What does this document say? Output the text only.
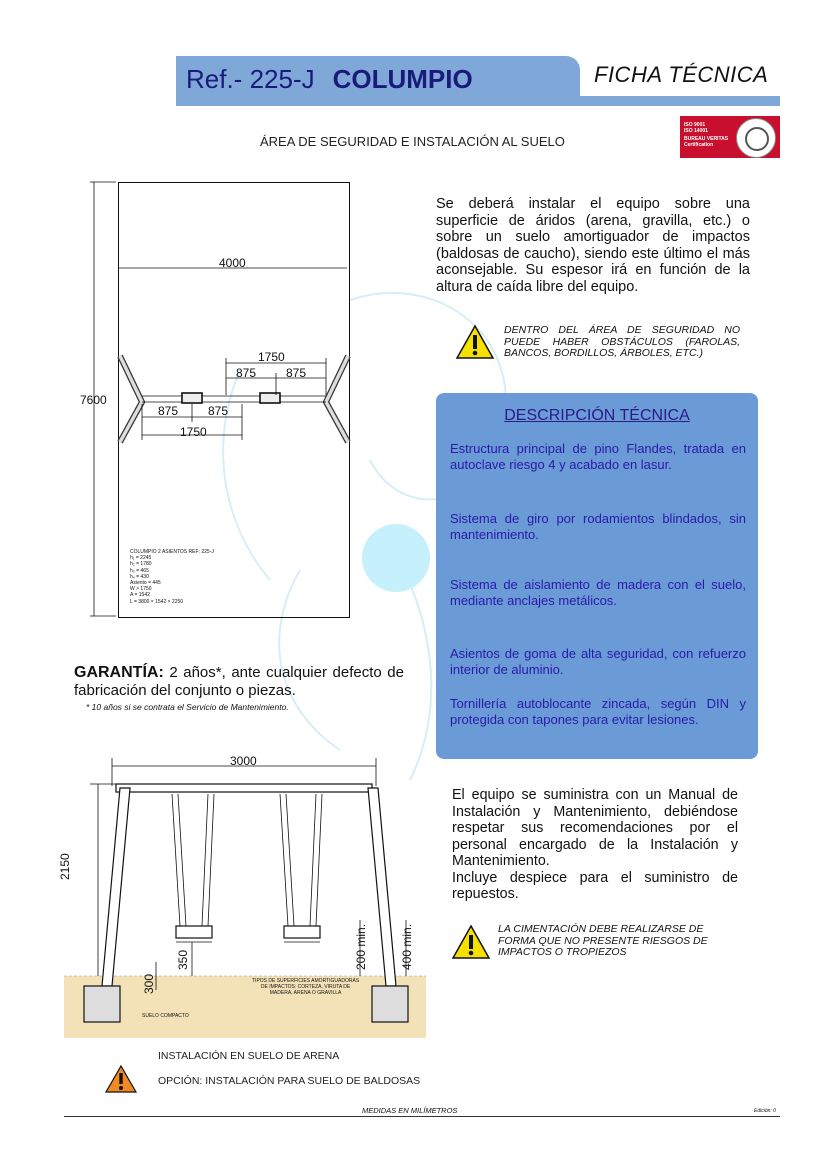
Ref.- 225-J COLUMPIO	FICHA TÉCNICA
ISO 9001
ISO 14001
BUREAU VERITAS
Certification
ÁREA DE SEGURIDAD E INSTALACIÓN AL SUELO
4000
7600
1750
875 875
875 875
1750
COLUMPIO 2 ASIENTOS REF: 225-J
h₁ = 2245
h₂ = 1780
h₃ = 465
h₄ = 430
Asiento = 445
W > 1750
A = 1542
L = 3800 × 1542 × 2250
Se deberá instalar el equipo sobre una superficie de áridos (arena, gravilla, etc.) o sobre un suelo amortiguador de impactos (baldosas de caucho), siendo este último el más aconsejable. Su espesor irá en función de la altura de caída libre del equipo.
DENTRO DEL ÁREA DE SEGURIDAD NO PUEDE HABER OBSTÁCULOS (FAROLAS, BANCOS, BORDILLOS, ÁRBOLES, ETC.)
DESCRIPCIÓN TÉCNICA
Estructura principal de pino Flandes, tratada en autoclave riesgo 4 y acabado en lasur.
Sistema de giro por rodamientos blindados, sin mantenimiento.
Sistema de aislamiento de madera con el suelo, mediante anclajes metálicos.
Asientos de goma de alta seguridad, con refuerzo interior de aluminio.
Tornillería autoblocante zincada, según DIN y protegida con tapones para evitar lesiones.
GARANTÍA: 2 años*, ante cualquier defecto de fabricación del conjunto o piezas.
* 10 años si se contrata el Servicio de Mantenimiento.
3000
2150
350
300
200 min.	400 min.
TIPOS DE SUPERFICIES AMORTIGUADORAS
DE IMPACTOS: CORTEZA, VIRUTA DE
MADERA, ARENA O GRAVILLA
SUELO COMPACTO
El equipo se suministra con un Manual de Instalación y Mantenimiento, debiéndose respetar sus recomendaciones por el personal encargado de la Instalación y Mantenimiento.
Incluye despiece para el suministro de repuestos.
LA CIMENTACIÓN DEBE REALIZARSE DE FORMA QUE NO PRESENTE RIESGOS DE IMPACTOS O TROPIEZOS
INSTALACIÓN EN SUELO DE ARENA
OPCIÓN: INSTALACIÓN PARA SUELO DE BALDOSAS
MEDIDAS EN MILÍMETROS	Edición: 0
